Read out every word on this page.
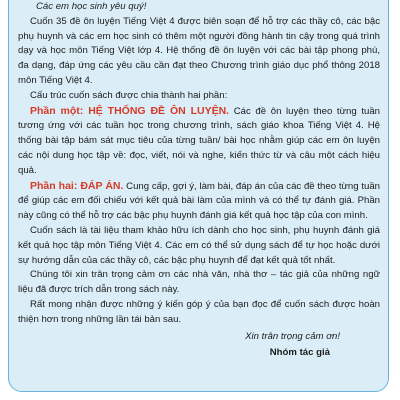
Các em học sinh yêu quý!

Cuốn 35 đề ôn luyện Tiếng Việt 4 được biên soạn để hỗ trợ các thầy cô, các bậc phụ huynh và các em học sinh có thêm một người đồng hành tin cậy trong quá trình dạy và học môn Tiếng Việt lớp 4. Hệ thống đề ôn luyện với các bài tập phong phú, đa dạng, đáp ứng các yêu cầu cần đạt theo Chương trình giáo dục phổ thông 2018 môn Tiếng Việt 4.

Cấu trúc cuốn sách được chia thành hai phần:

Phần một: HỆ THỐNG ĐỀ ÔN LUYỆN. Các đề ôn luyện theo từng tuần tương ứng với các tuần học trong chương trình, sách giáo khoa Tiếng Việt 4. Hệ thống bài tập bám sát mục tiêu của từng tuần/ bài học nhằm giúp các em ôn luyện các nội dung học tập về: đọc, viết, nói và nghe, kiến thức từ và câu một cách hiệu quả.

Phần hai: ĐÁP ÁN. Cung cấp, gợi ý, làm bài, đáp án của các đề theo từng tuần để giúp các em đối chiếu với kết quả bài làm của mình và có thể tự đánh giá. Phần này cũng có thể hỗ trợ các bậc phụ huynh đánh giá kết quả học tập của con mình.

Cuốn sách là tài liệu tham khảo hữu ích dành cho học sinh, phụ huynh đánh giá kết quả học tập môn Tiếng Việt 4. Các em có thể sử dụng sách để tự học hoặc dưới sự hướng dẫn của các thầy cô, các bậc phụ huynh để đạt kết quả tốt nhất.

Chúng tôi xin trân trọng cảm ơn các nhà văn, nhà thơ – tác giả của những ngữ liệu đã được trích dẫn trong sách này.

Rất mong nhận được những ý kiến góp ý của bạn đọc để cuốn sách được hoàn thiện hơn trong những lần tái bản sau.

Xin trân trọng cảm ơn!

Nhóm tác giả
